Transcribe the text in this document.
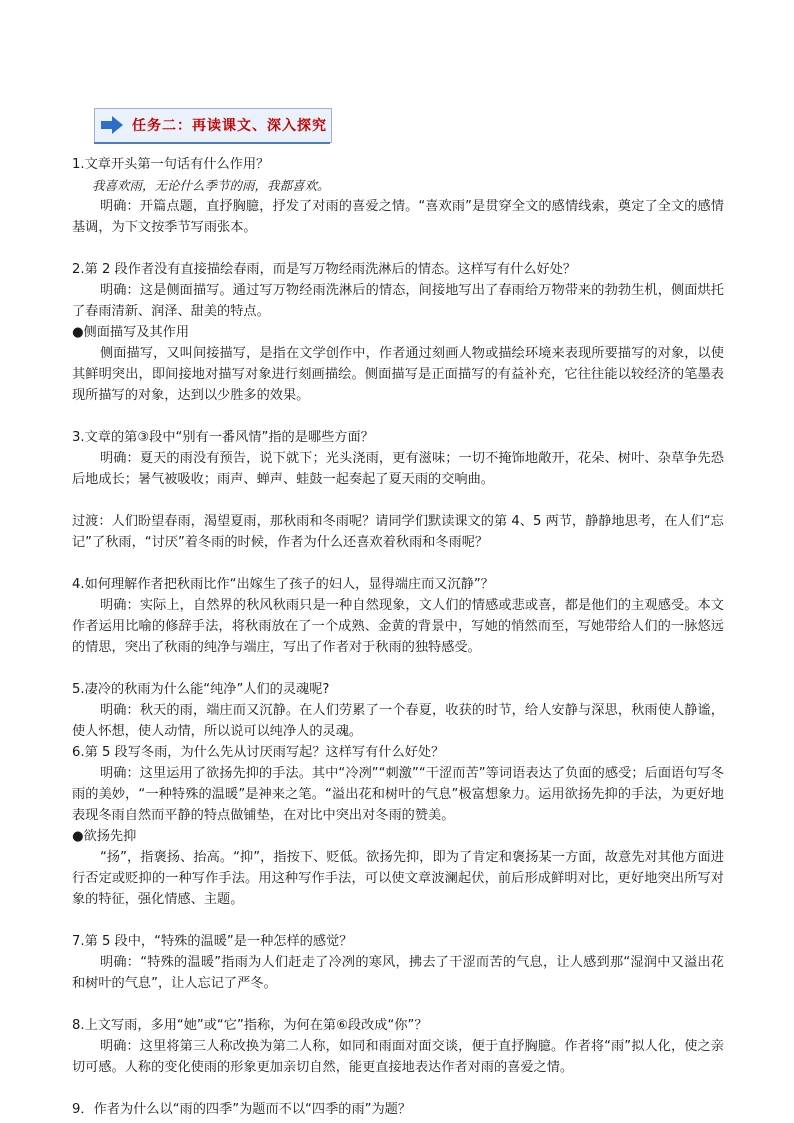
任务二：再读课文、深入探究
1.文章开头第一句话有什么作用？
我喜欢雨，无论什么季节的雨，我都喜欢。
明确：开篇点题，直抒胸臆，抒发了对雨的喜爱之情。“喜欢雨”是贯穿全文的感情线索，奠定了全文的感情基调，为下文按季节写雨张本。
2.第 2 段作者没有直接描绘春雨，而是写万物经雨洗淋后的情态。这样写有什么好处？
明确：这是侧面描写。通过写万物经雨洗淋后的情态，间接地写出了春雨给万物带来的勃勃生机，侧面烘托了春雨清新、润泽、甜美的特点。
●侧面描写及其作用
侧面描写，又叫间接描写，是指在文学创作中，作者通过刻画人物或描绘环境来表现所要描写的对象，以使其鲜明突出，即间接地对描写对象进行刻画描绘。侧面描写是正面描写的有益补充，它往往能以较经济的笔墨表现所描写的对象，达到以少胜多的效果。
3.文章的第③段中“别有一番风情”指的是哪些方面？
明确：夏天的雨没有预告，说下就下；光头浇雨，更有滋味；一切不掩饰地敞开，花朵、树叶、杂草争先恐后地成长；暑气被吸收；雨声、蝉声、蛙鼓一起奏起了夏天雨的交响曲。
过渡：人们盼望春雨，渴望夏雨，那秋雨和冬雨呢？请同学们默读课文的第 4、5 两节，静静地思考，在人们“忘记”了秋雨，“讨厌”着冬雨的时候，作者为什么还喜欢着秋雨和冬雨呢？
4.如何理解作者把秋雨比作“出嫁生了孩子的妇人，显得端庄而又沉静”？
明确：实际上，自然界的秋风秋雨只是一种自然现象，文人们的情感或悲或喜，都是他们的主观感受。本文作者运用比喻的修辞手法，将秋雨放在了一个成熟、金黄的背景中，写她的悄然而至，写她带给人们的一脉悠远的情思，突出了秋雨的纯净与端庄，写出了作者对于秋雨的独特感受。
5.凄冷的秋雨为什么能“纯净”人们的灵魂呢?
明确：秋天的雨，端庄而又沉静。在人们劳累了一个春夏，收获的时节，给人安静与深思，秋雨使人静谧，使人怀想，使人动情，所以说可以纯净人的灵魂。
6.第 5 段写冬雨，为什么先从讨厌雨写起？这样写有什么好处？
明确：这里运用了欲扬先抑的手法。其中“冷冽”“刺激”“干涩而苦”等词语表达了负面的感受；后面语句写冬雨的美妙，“一种特殊的温暖”是神来之笔。“溢出花和树叶的气息”极富想象力。运用欲扬先抑的手法，为更好地表现冬雨自然而平静的特点做铺垫，在对比中突出对冬雨的赞美。
●欲扬先抑
“扬”，指褒扬、抬高。“抑”，指按下、贬低。欲扬先抑，即为了肯定和褒扬某一方面，故意先对其他方面进行否定或贬抑的一种写作手法。用这种写作手法，可以使文章波澜起伏，前后形成鲜明对比，更好地突出所写对象的特征，强化情感、主题。
7.第 5 段中，“特殊的温暖”是一种怎样的感觉？
明确：“特殊的温暖”指雨为人们赶走了冷冽的寒风，拂去了干涩而苦的气息，让人感到那“湿润中又溢出花和树叶的气息”，让人忘记了严冬。
8.上文写雨，多用“她”或“它”指称，为何在第⑥段改成“你”？
明确：这里将第三人称改换为第二人称，如同和雨面对面交谈，便于直抒胸臆。作者将“雨”拟人化，使之亲切可感。人称的变化使雨的形象更加亲切自然，能更直接地表达作者对雨的喜爱之情。
9．作者为什么以“雨的四季”为题而不以“四季的雨”为题？
